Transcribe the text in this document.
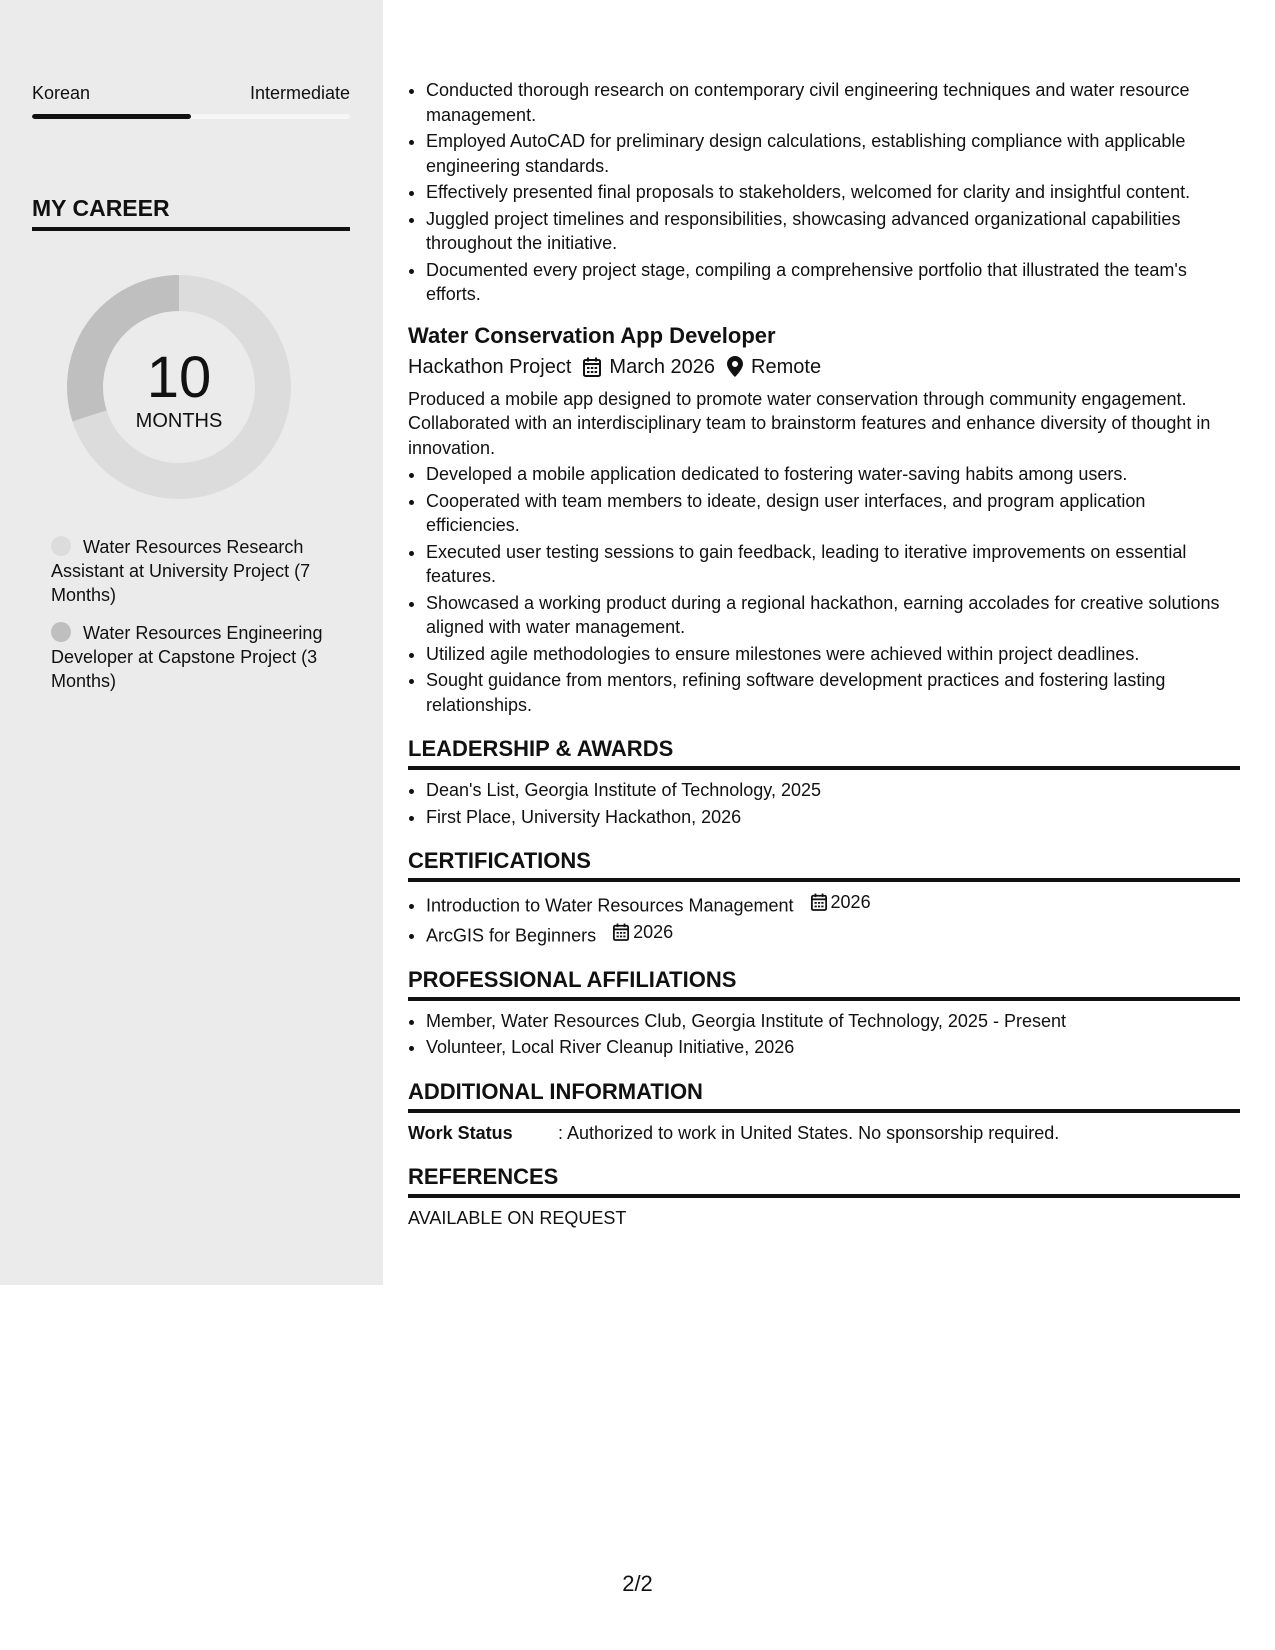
Korean	Intermediate
MY CAREER
10
MONTHS
Water Resources Research Assistant at University Project (7 Months)
Water Resources Engineering Developer at Capstone Project (3 Months)
• Conducted thorough research on contemporary civil engineering techniques and water resource management.
• Employed AutoCAD for preliminary design calculations, establishing compliance with applicable engineering standards.
• Effectively presented final proposals to stakeholders, welcomed for clarity and insightful content.
• Juggled project timelines and responsibilities, showcasing advanced organizational capabilities throughout the initiative.
• Documented every project stage, compiling a comprehensive portfolio that illustrated the team's efforts.
Water Conservation App Developer
Hackathon Project March 2026 Remote

Produced a mobile app designed to promote water conservation through community engagement. Collaborated with an interdisciplinary team to brainstorm features and enhance diversity of thought in innovation.

• Developed a mobile application dedicated to fostering water-saving habits among users.
• Cooperated with team members to ideate, design user interfaces, and program application efficiencies.
• Executed user testing sessions to gain feedback, leading to iterative improvements on essential features.
• Showcased a working product during a regional hackathon, earning accolades for creative solutions aligned with water management.
• Utilized agile methodologies to ensure milestones were achieved within project deadlines.
• Sought guidance from mentors, refining software development practices and fostering lasting relationships.
LEADERSHIP & AWARDS
• Dean's List, Georgia Institute of Technology, 2025
• First Place, University Hackathon, 2026
CERTIFICATIONS
• Introduction to Water Resources Management 2026
• ArcGIS for Beginners 2026
PROFESSIONAL AFFILIATIONS
• Member, Water Resources Club, Georgia Institute of Technology, 2025 - Present
• Volunteer, Local River Cleanup Initiative, 2026
ADDITIONAL INFORMATION
Work Status	: Authorized to work in United States. No sponsorship required.
REFERENCES
AVAILABLE ON REQUEST
2/2
